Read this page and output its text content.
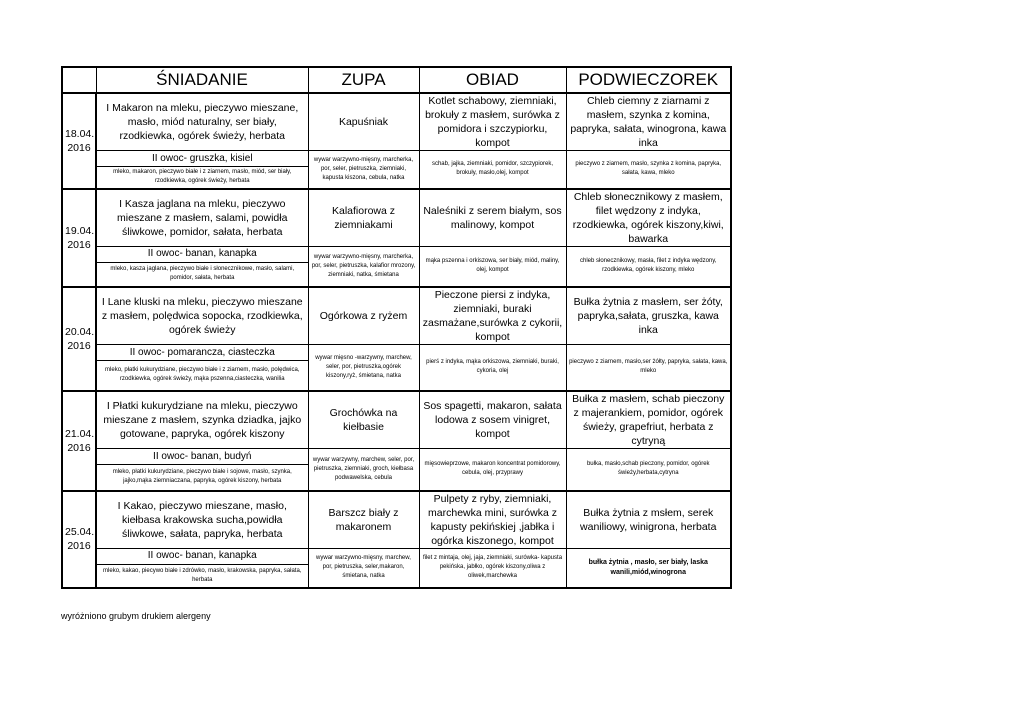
	ŚNIADANIE	ZUPA	OBIAD	PODWIECZOREK
18.04.
2016	I Makaron na mleku, pieczywo mieszane, masło, miód naturalny, ser biały, rzodkiewka, ogórek świeży, herbata	Kapuśniak	Kotlet schabowy, ziemniaki, brokuły z masłem, surówka z pomidora i szczypiorku, kompot	Chleb ciemny z ziarnami z masłem, szynka z komina, papryka, sałata, winogrona, kawa inka
	II owoc- gruszka, kisiel	wywar warzywno-mięsny, marcherka, por, seler, pietruszka, ziemniaki, kapusta kiszona, cebula, natka	schab, jajka, ziemniaki, pomidor, szczypiorek, brokuły, masło,olej, kompot	pieczywo z ziarnem, masło, szynka z komina, papryka, sałata, kawa, mleko
	mleko, makaron, pieczywo białe i z ziarnem, masło, miód, ser biały, rzodkiewka, ogórek świeży, herbata			
19.04.
2016	I Kasza jaglana na mleku, pieczywo mieszane z masłem, salami, powidła śliwkowe, pomidor, sałata, herbata	Kalafiorowa z ziemniakami	Naleśniki z serem białym, sos malinowy, kompot	Chleb słonecznikowy z masłem, filet wędzony z indyka, rzodkiewka, ogórek kiszony,kiwi, bawarka
	II owoc- banan, kanapka	wywar warzywno-mięsny, marcherka, por, seler, pietruszka, kalafior mrozony, ziemniaki, natka, śmietana	mąka pszenna i orkiszowa, ser biały, miód, maliny, olej, kompot	chleb słonecznikowy, masła, filet z indyka wędzony, rzodkiewka, ogórek kiszony, mleko
	mleko, kasza jaglana, pieczywo białe i słonecznikowe, masło, salami, pomidor, sałata, herbata			
20.04.
2016	I Lane kluski na mleku, pieczywo mieszane z masłem, polędwica sopocka, rzodkiewka, ogórek świeży	Ogórkowa z ryżem	Pieczone piersi z indyka, ziemniaki, buraki zasmażane,surówka z cykorii, kompot	Bułka żytnia z masłem, ser żóty, papryka,sałata, gruszka, kawa inka
	II owoc- pomarancza, ciasteczka	wywar mięsno -warzywny, marchew, seler, por, pietruszka,ogórek kiszony,ryż, śmietana, natka	pierś z indyka, mąka orkiszowa, ziemniaki, buraki, cykoria, olej	pieczywo z ziarnem, masło,ser żółty, papryka, sałata, kawa, mleko
	mleko, płatki kukurydziane, pieczywo białe i z ziarnem, masło, polędwica, rzodkiewka, ogórek świeży, mąka pszenna,ciasteczka, wanilia			
21.04.
2016	I Płatki kukurydziane na mleku, pieczywo mieszane z masłem, szynka dziadka, jajko gotowane, papryka, ogórek kiszony	Grochówka na kiełbasie	Sos spagetti, makaron, sałata lodowa z sosem vinigret, kompot	Bułka z masłem, schab pieczony z majerankiem, pomidor, ogórek świeży, grapefriut, herbata z cytryną
	II owoc- banan, budyń	wywar warzywny, marchew, seler, por, pietruszka, ziemniaki, groch, kiełbasa podwawelska, cebula	mięsowieprzowe, makaron koncentrat pomidorowy, cebula, olej, przyprawy	bułka, masło,schab pieczony, pomidor, ogórek świeży,herbata,cytryna
	mleko, płatki kukurydziane, pieczywo białe i sojowe, masło, szynka, jajko,mąka ziemniaczana, papryka, ogórek kiszony, herbata			
25.04.
2016	I Kakao, pieczywo mieszane, masło, kiełbasa krakowska sucha,powidła śliwkowe, sałata, papryka, herbata	Barszcz biały z makaronem	Pulpety z ryby, ziemniaki, marchewka mini, surówka z kapusty pekińskiej ,jabłka i ogórka kiszonego, kompot	Bułka żytnia z msłem, serek waniliowy, winigrona, herbata
	II owoc- banan, kanapka	wywar warzywno-mięsny, marchew, por, pietruszka, seler,makaron, śmietana, natka	filet z mintaja, olej, jaja, ziemniaki, surówka- kapusta pekińska, jabłko, ogórek kiszony,oliwa z oliwek,marchewka	bułka żytnia , masło, ser biały, laska wanili,miód,winogrona
	mleko, kakao, piecywo białe i zdrówko, masło, krakowska, papryka, sałata, herbata			
wyróżniono grubym drukiem alergeny
